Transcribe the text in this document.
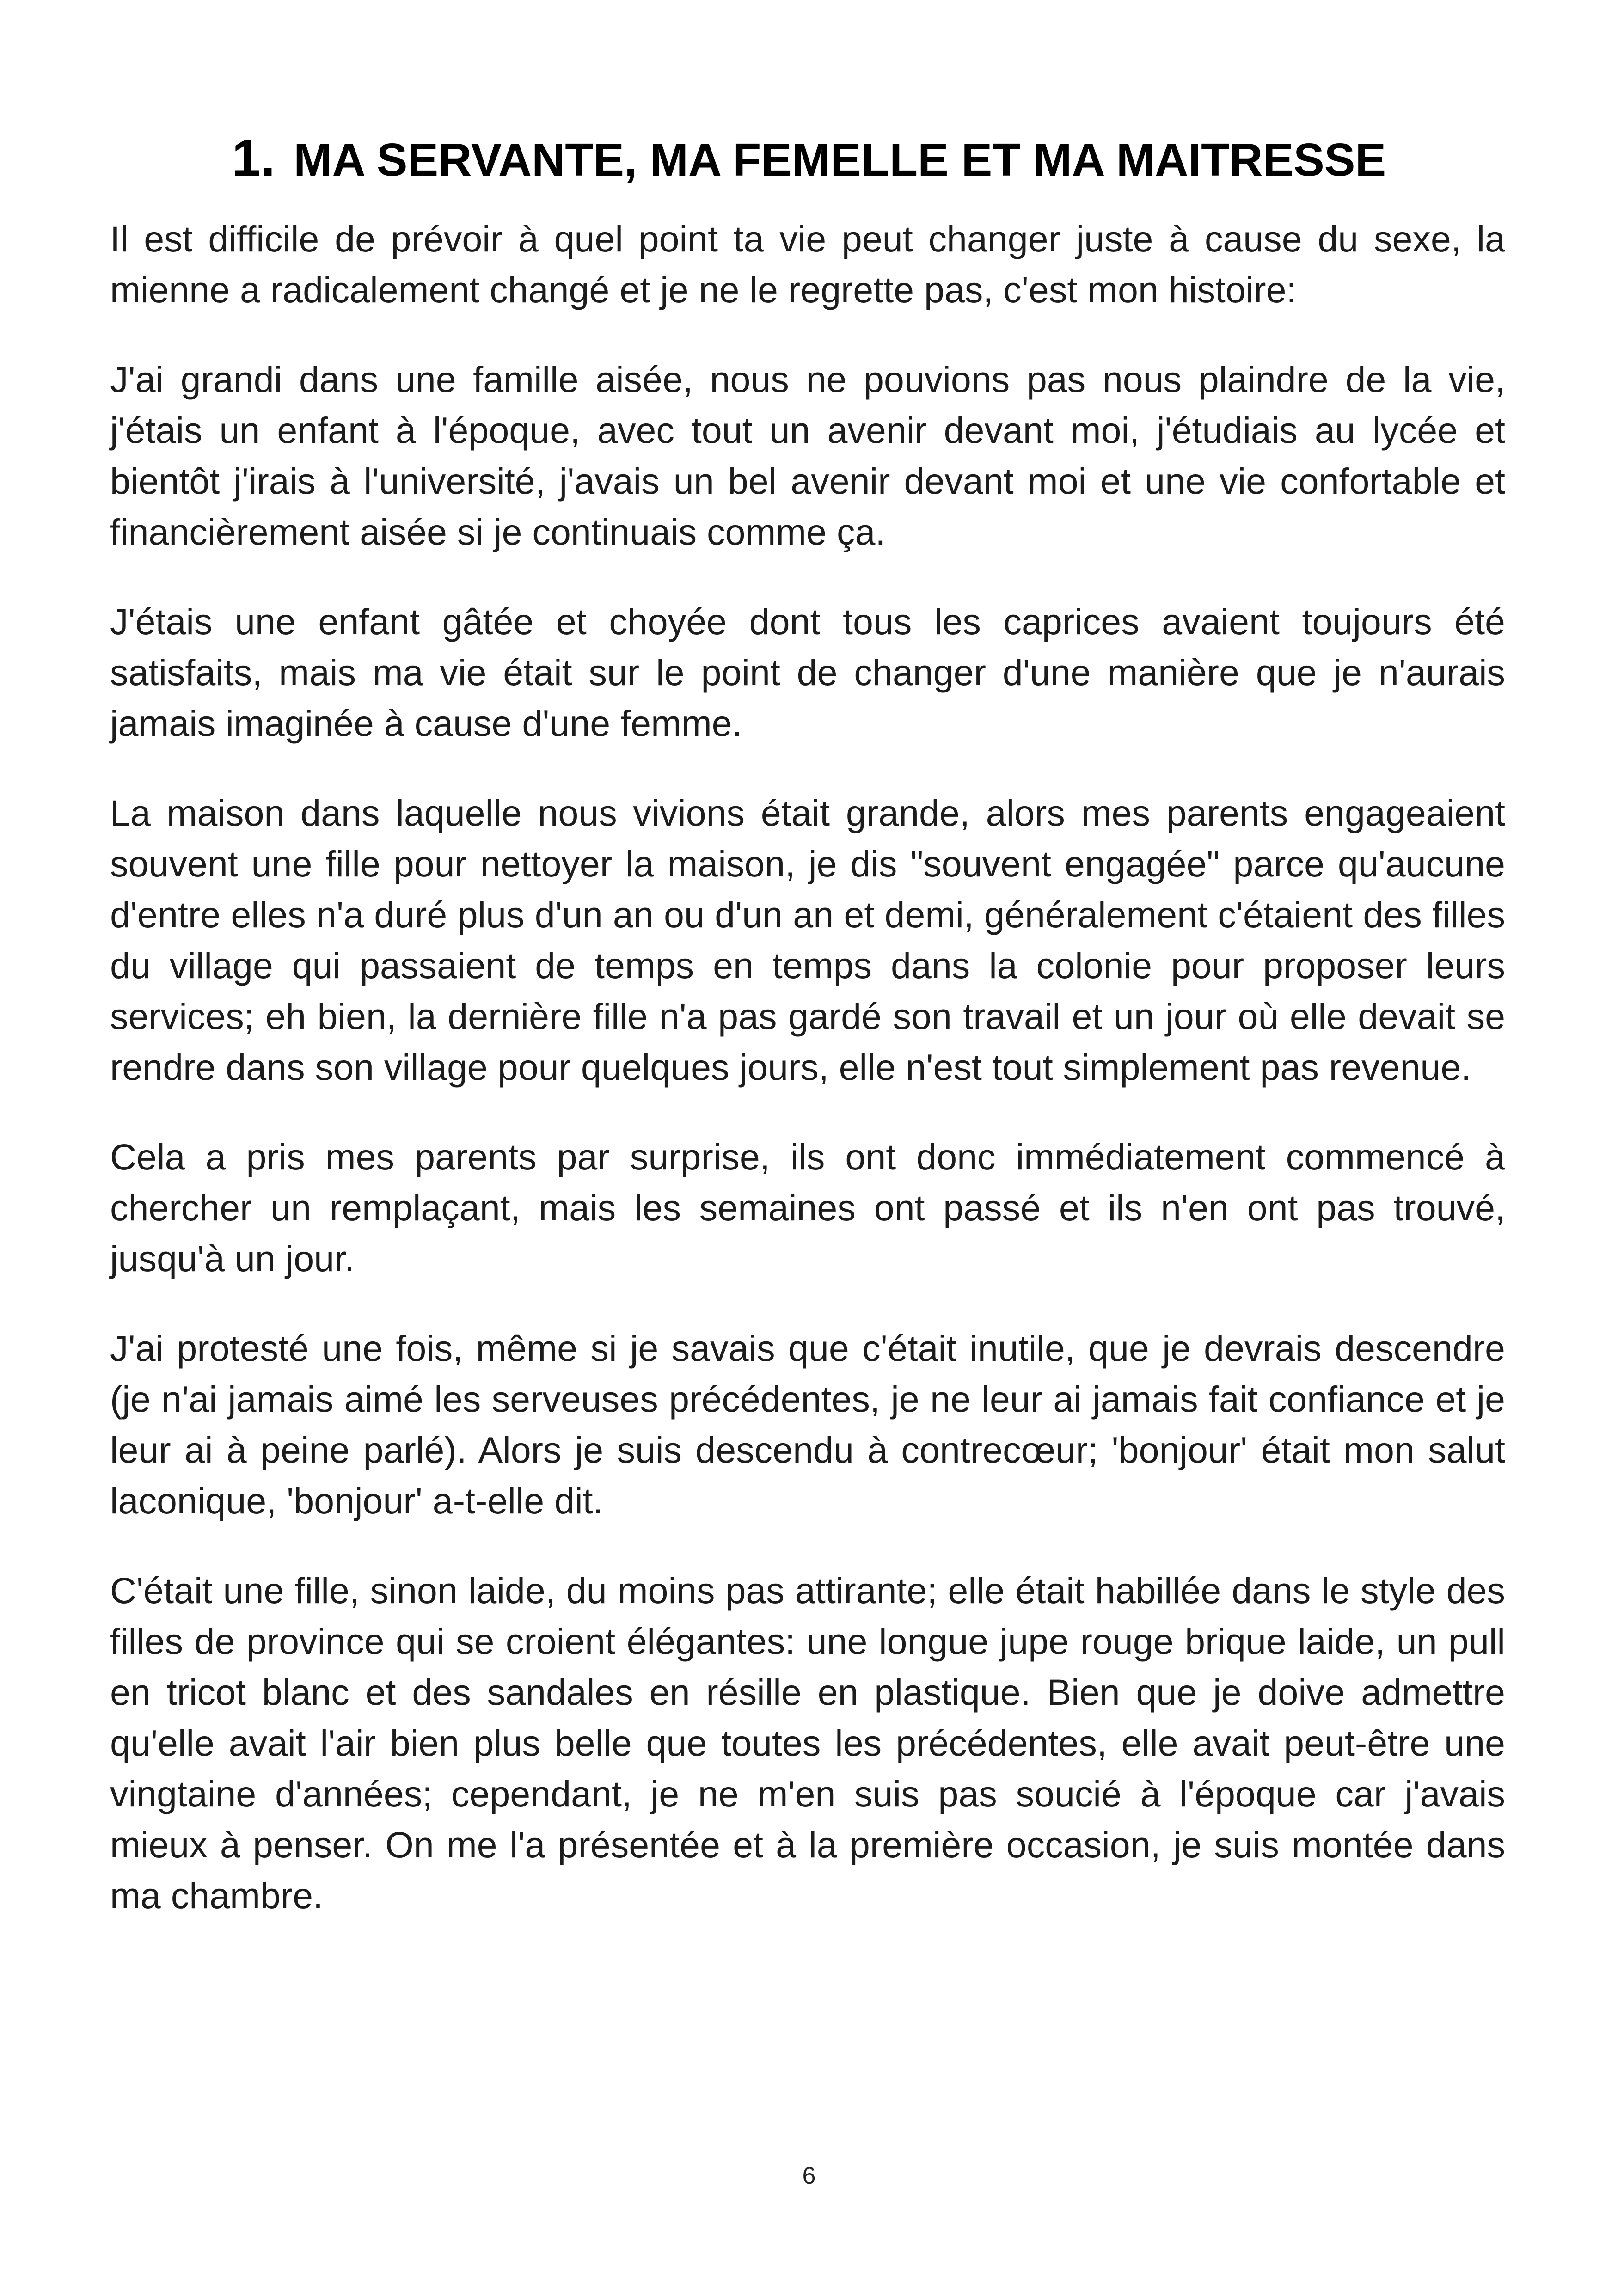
1. MA SERVANTE, MA FEMELLE ET MA MAITRESSE

Il est difficile de prévoir à quel point ta vie peut changer juste à cause du sexe, la mienne a radicalement changé et je ne le regrette pas, c'est mon histoire:

J'ai grandi dans une famille aisée, nous ne pouvions pas nous plaindre de la vie, j'étais un enfant à l'époque, avec tout un avenir devant moi, j'étudiais au lycée et bientôt j'irais à l'université, j'avais un bel avenir devant moi et une vie confortable et financièrement aisée si je continuais comme ça.

J'étais une enfant gâtée et choyée dont tous les caprices avaient toujours été satisfaits, mais ma vie était sur le point de changer d'une manière que je n'aurais jamais imaginée à cause d'une femme.

La maison dans laquelle nous vivions était grande, alors mes parents engageaient souvent une fille pour nettoyer la maison, je dis "souvent engagée" parce qu'aucune d'entre elles n'a duré plus d'un an ou d'un an et demi, généralement c'étaient des filles du village qui passaient de temps en temps dans la colonie pour proposer leurs services; eh bien, la dernière fille n'a pas gardé son travail et un jour où elle devait se rendre dans son village pour quelques jours, elle n'est tout simplement pas revenue.

Cela a pris mes parents par surprise, ils ont donc immédiatement commencé à chercher un remplaçant, mais les semaines ont passé et ils n'en ont pas trouvé, jusqu'à un jour.

J'ai protesté une fois, même si je savais que c'était inutile, que je devrais descendre (je n'ai jamais aimé les serveuses précédentes, je ne leur ai jamais fait confiance et je leur ai à peine parlé). Alors je suis descendu à contrecœur; 'bonjour' était mon salut laconique, 'bonjour' a-t-elle dit.

C'était une fille, sinon laide, du moins pas attirante; elle était habillée dans le style des filles de province qui se croient élégantes: une longue jupe rouge brique laide, un pull en tricot blanc et des sandales en résille en plastique. Bien que je doive admettre qu'elle avait l'air bien plus belle que toutes les précédentes, elle avait peut-être une vingtaine d'années; cependant, je ne m'en suis pas soucié à l'époque car j'avais mieux à penser. On me l'a présentée et à la première occasion, je suis montée dans ma chambre.

6
